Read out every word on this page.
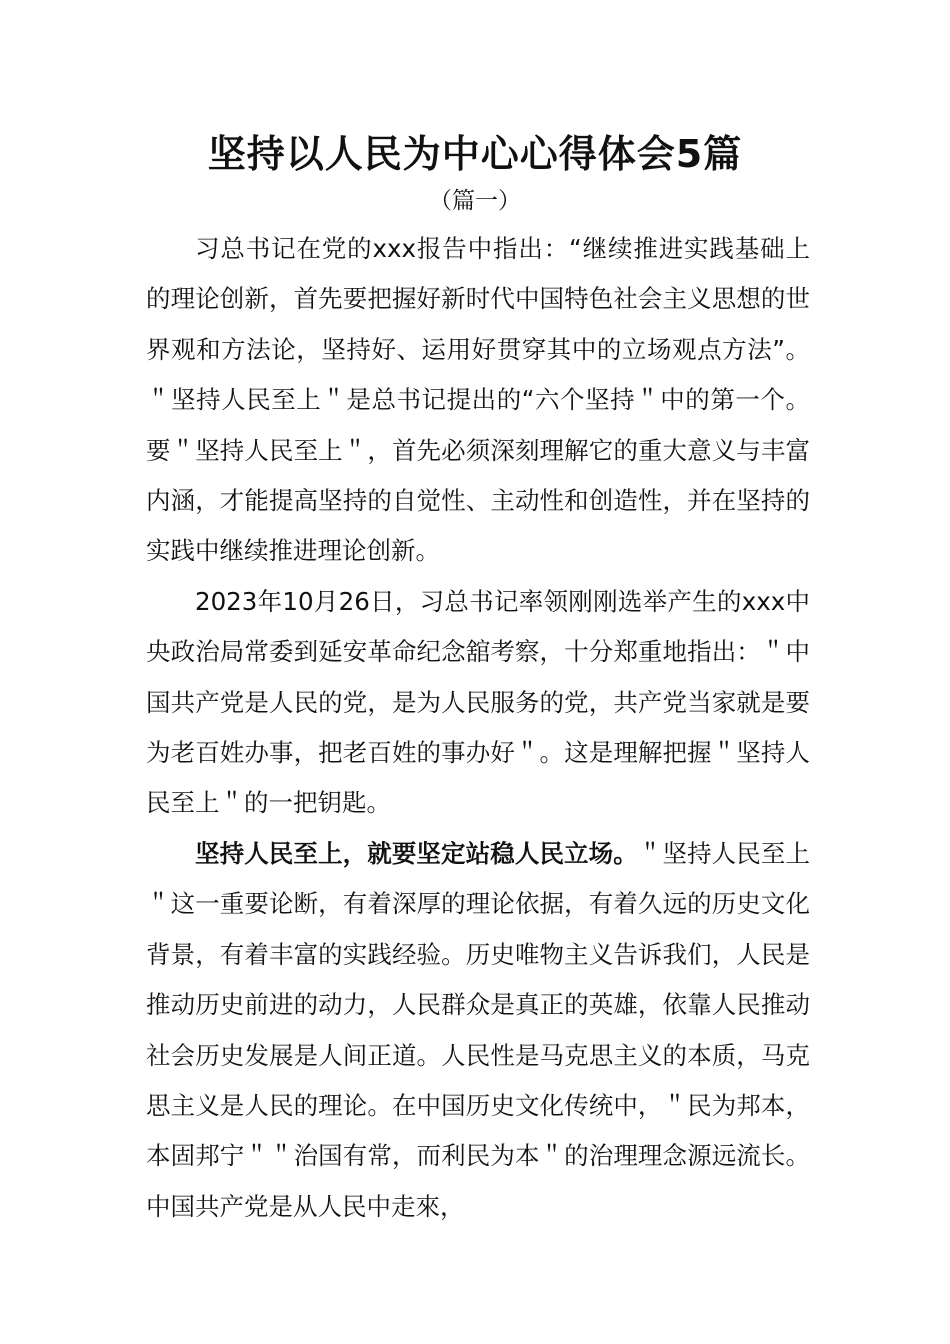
坚持以人民为中心心得体会5篇

（篇一）

习总书记在党的xxx报告中指出：“继续推进实践基础上的理论创新，首先要把握好新时代中国特色社会主义思想的世界观和方法论，坚持好、运用好贯穿其中的立场观点方法”。＂坚持人民至上＂是总书记提出的“六个坚持＂中的第一个。要＂坚持人民至上＂，首先必须深刻理解它的重大意义与丰富内涵，才能提高坚持的自觉性、主动性和创造性，并在坚持的实践中继续推进理论创新。

2023年10月26日，习总书记率领刚刚选举产生的xxx中央政治局常委到延安革命纪念舘考察，十分郑重地指出：＂中国共产党是人民的党，是为人民服务的党，共产党当家就是要为老百姓办事，把老百姓的事办好＂。这是理解把握＂坚持人民至上＂的一把钥匙。

坚持人民至上，就要坚定站稳人民立场。＂坚持人民至上＂这一重要论断，有着深厚的理论依据，有着久远的历史文化背景，有着丰富的实践经验。历史唯物主义告诉我们，人民是推动历史前进的动力，人民群众是真正的英雄，依靠人民推动社会历史发展是人间正道。人民性是马克思主义的本质，马克思主义是人民的理论。在中国历史文化传统中，＂民为邦本，本固邦宁＂＂治国有常，而利民为本＂的治理理念源远流长。中国共产党是从人民中走來，
